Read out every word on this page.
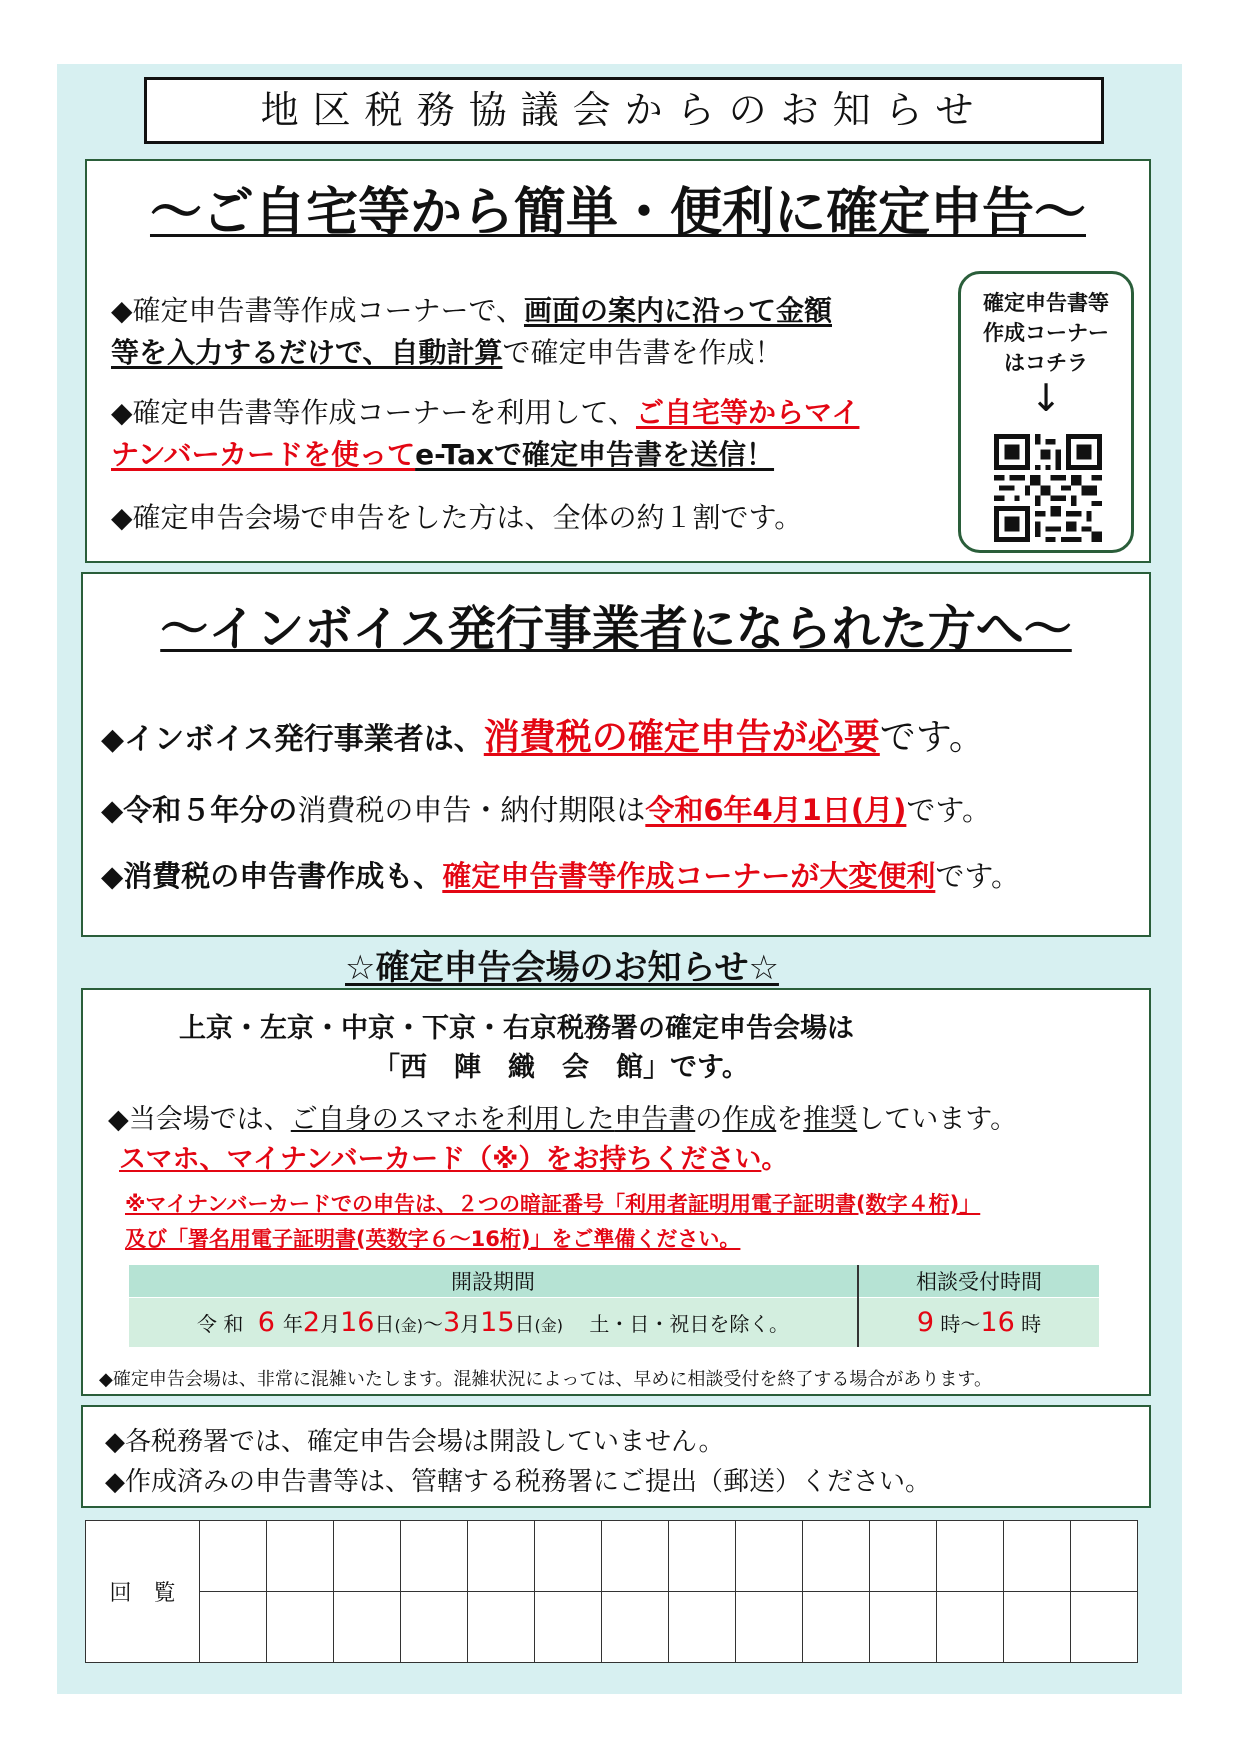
地区税務協議会からのお知らせ
～ご自宅等から簡単・便利に確定申告～
◆確定申告書等作成コーナーで、画面の案内に沿って金額
等を入力するだけで、自動計算で確定申告書を作成！
◆確定申告書等作成コーナーを利用して、ご自宅等からマイ
ナンバーカードを使ってe-Taxで確定申告書を送信！
◆確定申告会場で申告をした方は、全体の約１割です。
確定申告書等
作成コーナー
はコチラ
↓
～インボイス発行事業者になられた方へ～
◆インボイス発行事業者は、消費税の確定申告が必要です。
◆令和５年分の消費税の申告・納付期限は令和6年4月1日(月)です。
◆消費税の申告書作成も、確定申告書等作成コーナーが大変便利です。
☆確定申告会場のお知らせ☆
上京・左京・中京・下京・右京税務署の確定申告会場は
「西　陣　織　会　館」です。
◆当会場では、ご自身のスマホを利用した申告書の作成を推奨しています。
スマホ、マイナンバーカード（※）をお持ちください。
※マイナンバーカードでの申告は、２つの暗証番号「利用者証明用電子証明書(数字４桁)」
及び「署名用電子証明書(英数字６～16桁)」をご準備ください。
開設期間	相談受付時間
令 和 6 年2月16日(金)～3月15日(金) 土・日・祝日を除く。	9 時～16 時
◆確定申告会場は、非常に混雑いたします。混雑状況によっては、早めに相談受付を終了する場合があります。
◆各税務署では、確定申告会場は開設していません。
◆作成済みの申告書等は、管轄する税務署にご提出（郵送）ください。
回　覧														
